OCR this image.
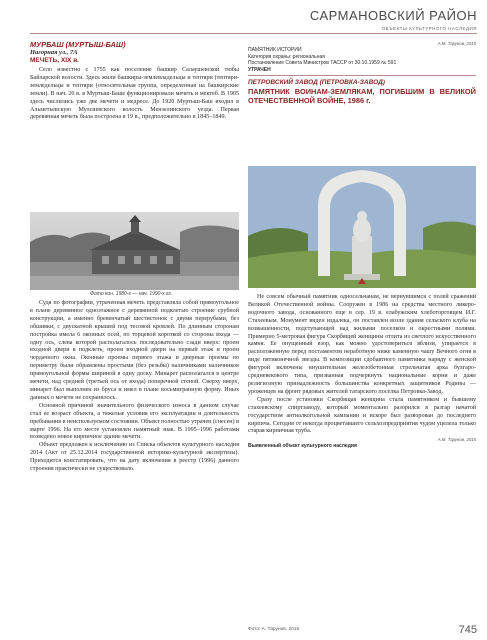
САРМАНОВСКИЙ РАЙОН
ОБЪЕКТЫ КУЛЬТУРНОГО НАСЛЕДИЯ
МУРБАШ (МУРТЫШ-БАШ)
Нагорная ул., 7А
МЕЧЕТЬ, XIX в.

Село известно с 1755 как поселение башкир Салаушевской тюбы Байларской волости. Здесь жили башкиры-землевладельцы и тептяри (тептяри-земледельцы и тептяри (относительная группа, определенная на башкирские земли). В нач. 20 в. в Муртыш-Баше функционировали мечеть и мектеб. В 1905 здесь числились уже две мечети и медресе. До 1920 Муртыш-Баш входил в Альметьевскую Мулсиевского волость Мензелинского уезда. Первая деревянная мечеть была построена в 19 в., предположительно в 1845–1849.

Фото кон. 1980-х — нач. 1990-х гг.

Судя по фотографии, утраченная мечеть представляла собой прямоугольное в плане деревянное одноэтажное с деревянной подклетью строение срубной конструкции, а именно бревенчатый шестистенок с двумя перерубами, без обшивки, с двускатной крышей под тесовой кровлей. По длинным сторонам постройка имела 6 оконных осей, по торцевой короткой со стороны входа — одну ось, слева которой располагалось последовательно сзади вверх: проем входной двери в подклеть, проем входной двери на первый этаж и проем чердачного окна. Оконные проемы первого этажа и дверные проемы по периметру были обрамлены простыми (без резьбы) наличниками наличников прямоугольной формы шириной в одну доску. Минарет располагался в центре мечети, над средней (третьей ось от входа) поперечной стеной. Сверху вверх, минарет был выполнен из бруса и имел в плане восьмигранную форму. Иных данных о мечети не сохранилось.

Основной причиной значительного физического износа в данном случае стал ее возраст объекта, а тяжелые условия его эксплуатации и длительность пребывания в неиспользуемом состоянии. Объект полностью утрачен (снесен) в марте 1996. На его месте установлен памятный знак. В 1995–1996 работами возведено новое кирпичное здание мечети.

Объект предложен к исключению из Списка объектов культурного наследия 2014 (Акт от 25.12.2014 государственной историко-культурной экспертизы). Приходится констатировать, что на дату включения в реестр (1996) данного строения практически не существовало.

А.М. Тарунов, 2015
ПАМЯТНИК ИСТОРИИ
Категория охраны: региональная
Постановление Совета Министров ТАССР от 30.10.1959 № 591
УТРАЧЕН
ПЕТРОВСКИЙ ЗАВОД (ПЕТРОВКА-ЗАВОД)
ПАМЯТНИК ВОИНАМ-ЗЕМЛЯКАМ, ПОГИБШИМ В ВЕЛИКОЙ ОТЕЧЕСТВЕННОЙ ВОЙНЕ, 1986 г.

Не совсем обычный памятник односельчанам, не вернувшимся с полей сражений Великой Отечественной войны. Сооружен в 1986 на средства местного ликеро-водочного завода, основанного еще в сер. 19 в. елабужским хлеботорговцем И.Г. Стахеевым. Монумент виден издалека, он поставлен возле здания сельского клуба на возвышенности, подступающей над жилыми поселком и окрестными полями. Примерно 5-метровая фигура Скорбящей женщины отлита из светлого искусственного камня. Ее опущенный взор, как можно удостовериться вблизи, упирается в расположенную перед постаментом неработную ниже каменную чашу Вечного огня в виде пятиконечной звезды. В композиции сдобавтного памятника наряду с женской фигурой включены внушительная железобетонная стрельчатая арка булгаро-средневекового типа, призванная подчеркнуть национальные корни и даже религиозную принадлежность большинства конкретных защитников Родины — уроженцев на фронт рядовых жителей татарского поселка Петровка-Завод.

Сразу после установки Скорбящая женщина стала памятником и бывшему стахеевскому спиртзаводу, который моментально разорился в разгар начатой государством антиалкогольной кампании и вскоре был разворован до последнего кирпича. Сегодня от некогда процветавшего сельхозпредприятия чудом уцелела только старая кирпичная труба.

А.М. Тарунов, 2015
Выявленный объект культурного наследия
Фото: А. Тарунов, 2016	745
